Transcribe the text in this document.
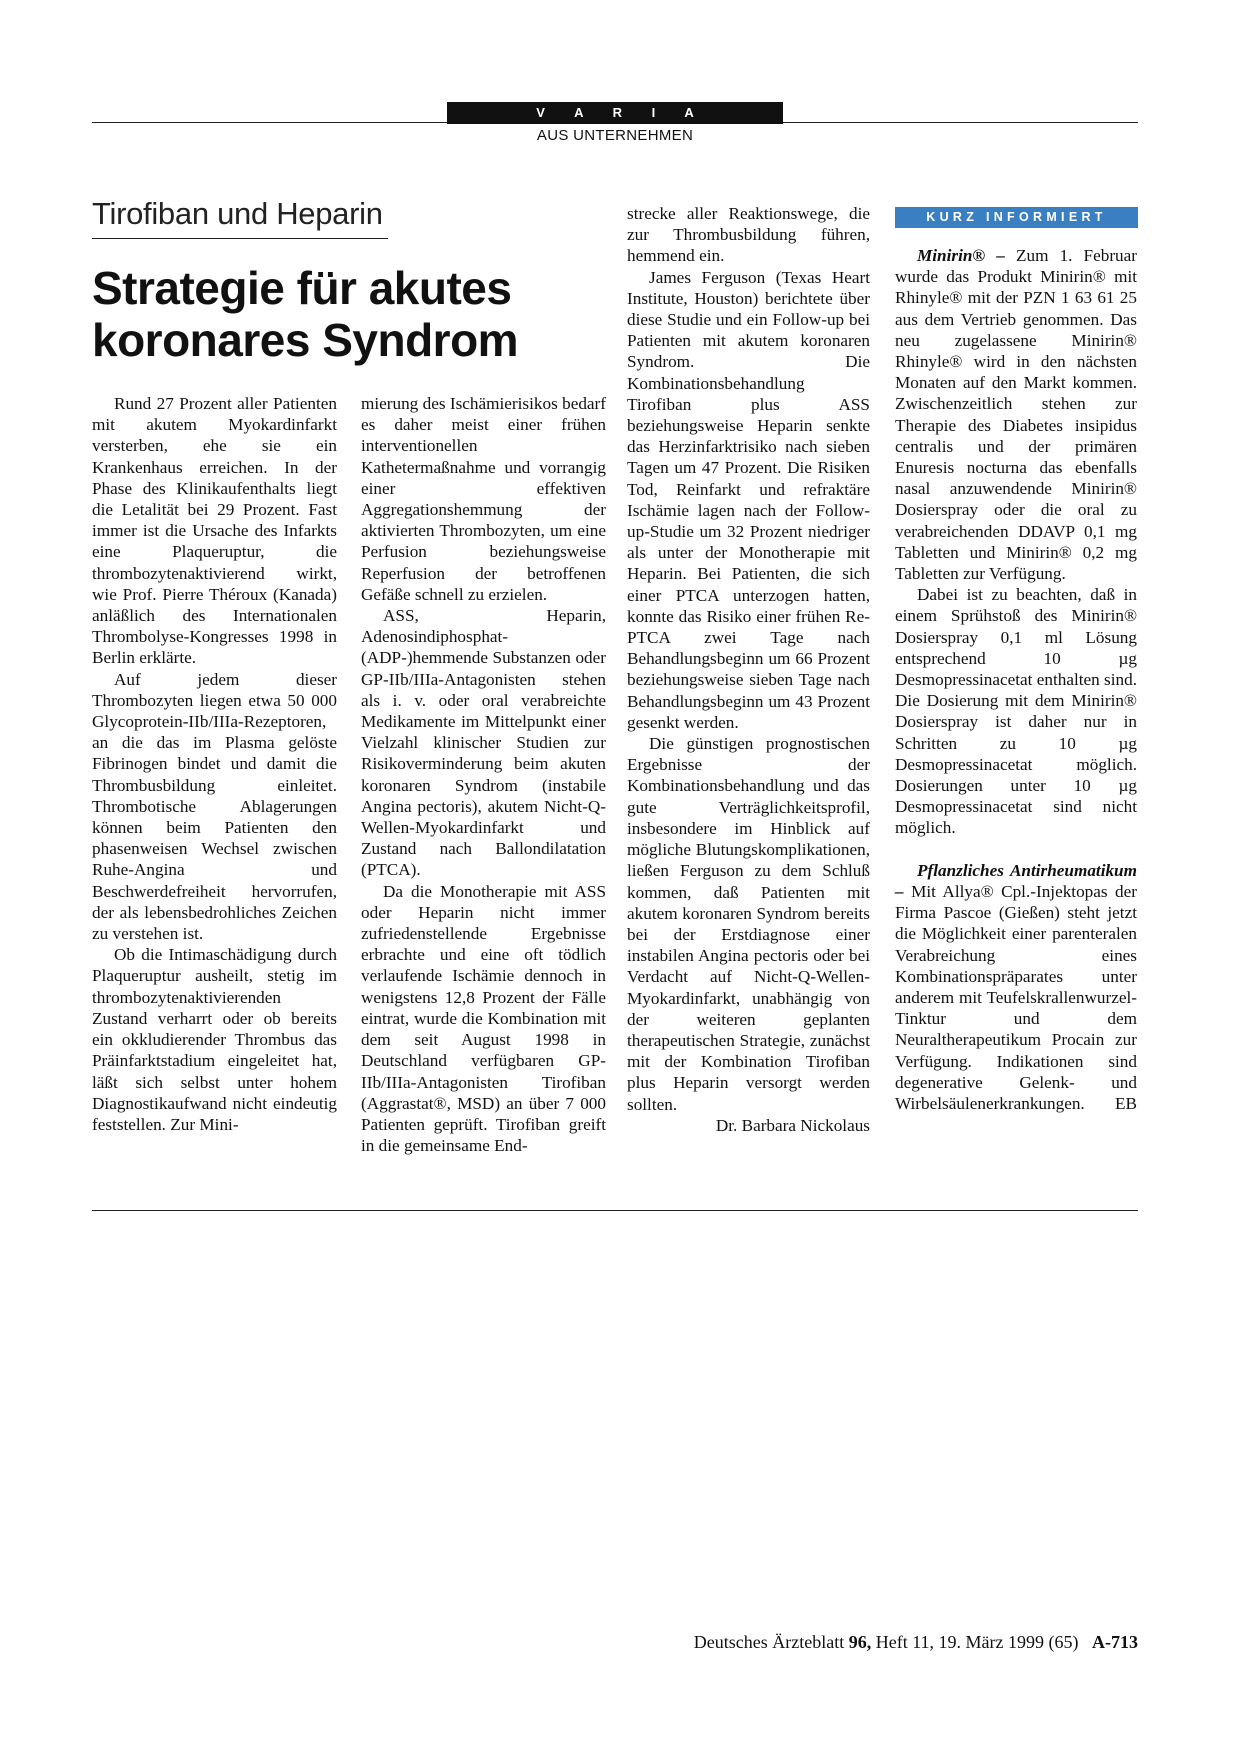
V A R I A
AUS UNTERNEHMEN
Tirofiban und Heparin
Strategie für akutes koronares Syndrom

Rund 27 Prozent aller Patienten mit akutem Myokardinfarkt versterben, ehe sie ein Krankenhaus erreichen. In der Phase des Klinikaufenthalts liegt die Letalität bei 29 Prozent. Fast immer ist die Ursache des Infarkts eine Plaqueruptur, die thrombozytenaktivierend wirkt, wie Prof. Pierre Théroux (Kanada) anläßlich des Internationalen Thrombolyse-Kongresses 1998 in Berlin erklärte.

Auf jedem dieser Thrombozyten liegen etwa 50 000 Glycoprotein-IIb/IIIa-Rezeptoren, an die das im Plasma gelöste Fibrinogen bindet und damit die Thrombusbildung einleitet. Thrombotische Ablagerungen können beim Patienten den phasenweisen Wechsel zwischen Ruhe-Angina und Beschwerdefreiheit hervorrufen, der als lebensbedrohliches Zeichen zu verstehen ist.

Ob die Intimaschädigung durch Plaqueruptur ausheilt, stetig im thrombozytenaktivierenden Zustand verharrt oder ob bereits ein okkludierender Thrombus das Präinfarktstadium eingeleitet hat, läßt sich selbst unter hohem Diagnostikaufwand nicht eindeutig feststellen. Zur Mini-

mierung des Ischämierisikos bedarf es daher meist einer frühen interventionellen Kathetermaßnahme und vorrangig einer effektiven Aggregationshemmung der aktivierten Thrombozyten, um eine Perfusion beziehungsweise Reperfusion der betroffenen Gefäße schnell zu erzielen.

ASS, Heparin, Adenosindiphosphat-(ADP-)hemmende Substanzen oder GP-IIb/IIIa-Antagonisten stehen als i. v. oder oral verabreichte Medikamente im Mittelpunkt einer Vielzahl klinischer Studien zur Risikoverminderung beim akuten koronaren Syndrom (instabile Angina pectoris), akutem Nicht-Q-Wellen-Myokardinfarkt und Zustand nach Ballondilatation (PTCA).

Da die Monotherapie mit ASS oder Heparin nicht immer zufriedenstellende Ergebnisse erbrachte und eine oft tödlich verlaufende Ischämie dennoch in wenigstens 12,8 Prozent der Fälle eintrat, wurde die Kombination mit dem seit August 1998 in Deutschland verfügbaren GP-IIb/IIIa-Antagonisten Tirofiban (Aggrastat®, MSD) an über 7 000 Patienten geprüft. Tirofiban greift in die gemeinsame End-

strecke aller Reaktionswege, die zur Thrombusbildung führen, hemmend ein.

James Ferguson (Texas Heart Institute, Houston) berichtete über diese Studie und ein Follow-up bei Patienten mit akutem koronaren Syndrom. Die Kombinationsbehandlung Tirofiban plus ASS beziehungsweise Heparin senkte das Herzinfarktrisiko nach sieben Tagen um 47 Prozent. Die Risiken Tod, Reinfarkt und refraktäre Ischämie lagen nach der Follow-up-Studie um 32 Prozent niedriger als unter der Monotherapie mit Heparin. Bei Patienten, die sich einer PTCA unterzogen hatten, konnte das Risiko einer frühen Re-PTCA zwei Tage nach Behandlungsbeginn um 66 Prozent beziehungsweise sieben Tage nach Behandlungsbeginn um 43 Prozent gesenkt werden.

Die günstigen prognostischen Ergebnisse der Kombinationsbehandlung und das gute Verträglichkeitsprofil, insbesondere im Hinblick auf mögliche Blutungskomplikationen, ließen Ferguson zu dem Schluß kommen, daß Patienten mit akutem koronaren Syndrom bereits bei der Erstdiagnose einer instabilen Angina pectoris oder bei Verdacht auf Nicht-Q-Wellen-Myokardinfarkt, unabhängig von der weiteren geplanten therapeutischen Strategie, zunächst mit der Kombination Tirofiban plus Heparin versorgt werden sollten.

Dr. Barbara Nickolaus

KURZ INFORMIERT

Minirin® – Zum 1. Februar wurde das Produkt Minirin® mit Rhinyle® mit der PZN 1 63 61 25 aus dem Vertrieb genommen. Das neu zugelassene Minirin® Rhinyle® wird in den nächsten Monaten auf den Markt kommen. Zwischenzeitlich stehen zur Therapie des Diabetes insipidus centralis und der primären Enuresis nocturna das ebenfalls nasal anzuwendende Minirin® Dosierspray oder die oral zu verabreichenden DDAVP 0,1 mg Tabletten und Minirin® 0,2 mg Tabletten zur Verfügung.

Dabei ist zu beachten, daß in einem Sprühstoß des Minirin® Dosierspray 0,1 ml Lösung entsprechend 10 µg Desmopressinacetat enthalten sind. Die Dosierung mit dem Minirin® Dosierspray ist daher nur in Schritten zu 10 µg Desmopressinacetat möglich. Dosierungen unter 10 µg Desmopressinacetat sind nicht möglich.

Pflanzliches Antirheumatikum – Mit Allya® Cpl.-Injektopas der Firma Pascoe (Gießen) steht jetzt die Möglichkeit einer parenteralen Verabreichung eines Kombinationspräparates unter anderem mit Teufelskrallenwurzel-Tinktur und dem Neuraltherapeutikum Procain zur Verfügung. Indikationen sind degenerative Gelenk- und Wirbelsäulenerkrankungen.	EB

Deutsches Ärzteblatt 96, Heft 11, 19. März 1999 (65) A-713
